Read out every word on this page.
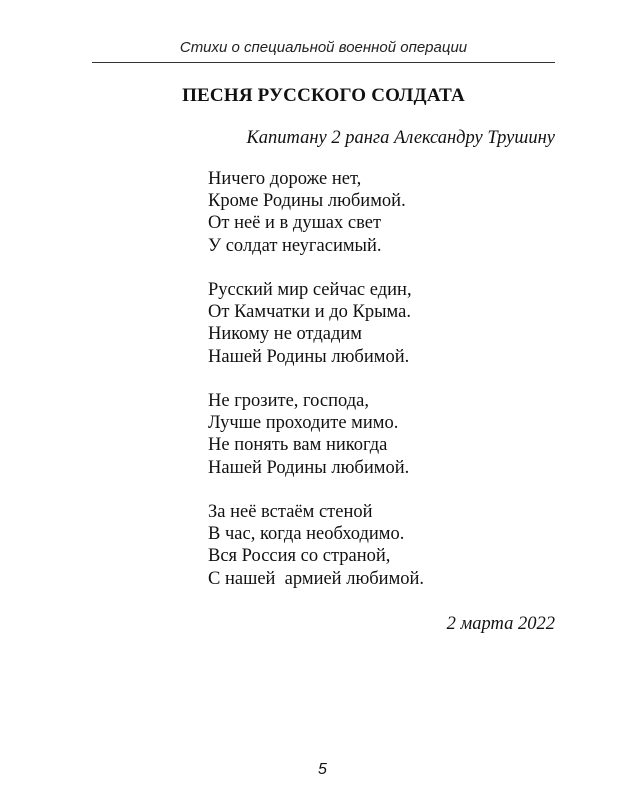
Стихи о специальной военной операции
ПЕСНЯ РУССКОГО СОЛДАТА
Капитану 2 ранга Александру Трушину
Ничего дороже нет,
Кроме Родины любимой.
От неё и в душах свет
У солдат неугасимый.
Русский мир сейчас един,
От Камчатки и до Крыма.
Никому не отдадим
Нашей Родины любимой.
Не грозите, господа,
Лучше проходите мимо.
Не понять вам никогда
Нашей Родины любимой.
За неё встаём стеной
В час, когда необходимо.
Вся Россия со страной,
С нашей  армией любимой.
2 марта 2022
5
